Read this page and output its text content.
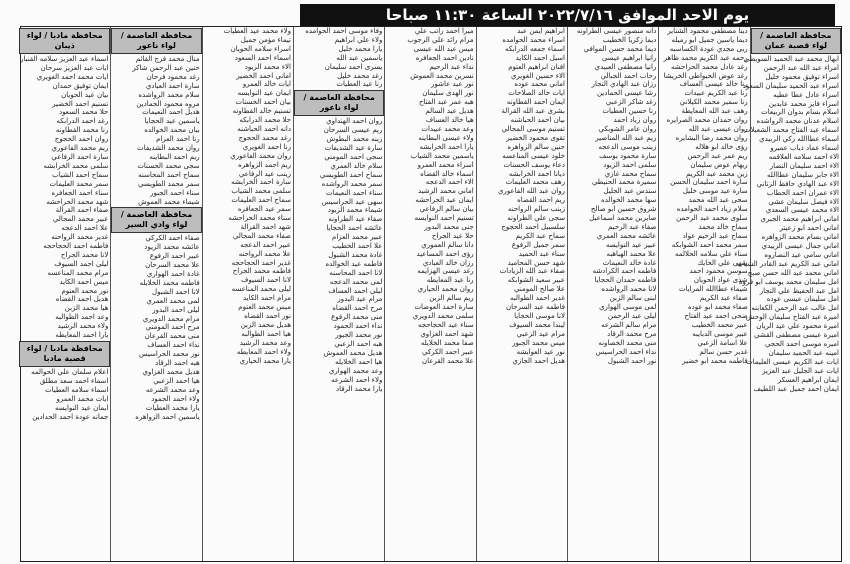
يوم الاحد الموافق ٢٠٢٢/٧/١٦ الساعة ١١:٣٠ صباحا
محافظة العاصمة / لواء قصبة عمان
ابهال محمد عبد الحميد السويطي
امراء عبد الله عبد الرحمن
اسراء توفيق محمود خليل
اسراء عبد الحميد سليمان السعود
اسراء عادل عطا عطيه
اسراء فايز محمد عابدين
اسلام بسام بدوان الربيعات
اسلام عدنان محمد الرواشده
اسماء عبد الفتاح محمد الشعيلات
اسماء عطاالله زكي الزبيدي
اسماء عماد ذياب عميرو
الاء احمد سلامه العلاقمه
الاء احمد سليمان النصار
الاء جابر سليمان عطاالله
الاء عبد الهادي حافظ الزتاني
الاء عمران احمد الحطاب
الاء فيصل سليمان عشي
الاء محمد عيسى السعدي
اماني ابراهيم محمد الجبري
اماني احمد ابو زعيتر
اماني بسام محمد الزواهره
اماني جمال عيسى الزبيدي
اماني سامي عيد النصاروه
اماني عبد الكريم عبد القادر الشياب
اماني محمد عبد الله حسن صبح
امل سليمان محمد يوسف ابو فروه
امل عبد الحفيظ علي النجار
امل سليمان عيسى عوده
امل غالب عبد الرحمن الكعابنه
اميرة عبد الفتاح سليمان الوحش
اميرة محمود علي عيد الريان
اميرة عيسى مصطفى القشي
اميره موسى احمد الحجي
امينه عبد الحميد سليمان
ايات عبد الكريم عيسى العليمات
ايات عبد الجليل عبد العزيز
ايمان ابراهيم العسكر
ايمان احمد جميل عبد اللطيف
دينا مصطفى محمود الشناير
ديما ياسين جميل ابو رميله
ربى مجدي عودة الكساسبه
رحمه عبد الكريم محمد ظاهر
رغد عادل محمد الحراحشه
رغد عوض الحيواطي الخريشا
رنا خالد عيسى العساف
رنا عبد الكريم عبيدات
رنا سمير محمد الكيلاني
رهف عبد الله المعايطة
روان حمدان محمد الصرايره
روان عيسى عبد الله
روان محمد رضا البشايره
رؤى خالد ابو هلاله
ريم عمر عبد الرحمن
ريهام عوض سليمان
زين محمد عبد الكريم
سارة احمد سليمان الحسن
سارة عيد موسى خليل
سجى عبد الله محمد
سلام زياد احمد الحوامده
سلوى محمد عبد الرحمن
سماح خالد محمد
سماح عبد الرحيم عواد
سمر محمد احمد الشوابكه
سناء علي سلامه الحلالمه
سهى علي الحايك
سوسن محمود احمد
شذى عواد الحويان
شيماء عطاالله المرايات
صفاء عبد الكريم
صفاء محمد ابو عوده
ضحى احمد عبد الفتاح
عبير محمد الخطيب
عبير موسى الدبايبه
علا اسامة الزعبي
غدير حسن سالم
فاطمه محمد ابو خضير
دانه منصور عيسى الطراونه
ديما زكريا الخطيب
ديما محمد حسن الموافي
رانيا ابراهيم عيسى
رانيا مصطفى العبيدي
رحاب احمد الجبالي
رزان عبد الهادي النجار
رشا عيسى الحمادين
رغد شاكر الزعبي
رنا حسين العطيات
روان زياد احمد
روان عامر الشوبكي
ريم عبد الله المناصير
زينب موسى الدعجه
سارة محمود يوسف
سلمى احمد الزيود
سماح محمد غازي
سميرة محمد الحنيطي
سندس عبد الجليل
سها محمد الخوالده
شروق حسين ابو صالح
صابرين محمد اسماعيل
صفاء عبد الرحيم
عائشه محمد العمري
عبير عيد النوايسه
علا محمد الهباهبه
غادة خالد النعيمات
فاطمه احمد الكرادشه
فاطمه حمدان الحجايا
لانا محمد الرواشده
لبنى سالم الزبن
لمى موسى الهواري
ليلى عبد الرحمن
مرام سالم الشرعه
مرح محمد الرقاد
منى محمد الخصاونه
نداء احمد الحراسيس
نور احمد الشبول
ابراهيم ايمن عبد
اسراء محمد الحوامده
اسماء جمعه الدرابكه
اسيل احمد الكايد
افنان ابراهيم العتوم
الاء حسين الغويري
اماني محمد عوده
ايات خالد الصلاحات
ايمان احمد القطاونه
بشرى عبد الله القرالة
بيان احمد الحباشنه
تسنيم موسى المجالي
تقوى محمود الخضير
حنين سالم الزواهره
خلود عيسى المناعسه
دعاء يوسف الحسنات
ديانا احمد الخرابشه
رهف محمد العليمات
روان عبد الله الفاعوري
ريم احمد القضاه
زينب سالم الرواحنه
سجى علي الطراونه
سلسبيل احمد الحجوج
سماح عبد الكريم
سمر جميل الرفوع
سناء عبد الحميد
شهد حسن المحاميد
صفاء عبد الله الزيادات
عبير سعيد الشوابكه
علا صالح المومني
غدير احمد الطوالبه
فاطمه عيد السرحان
لانا موسى الحجايا
ليندا محمد السيوف
مرام عيد الزعبي
ميس محمد الجبور
نور عيد العوايشه
هديل احمد الجازي
ميرا احمد راتب علي
مرام رائد علي الرجوب
ميس عبد الله عيسى
نادين احمد الجعافره
نداء عبد الرحيم
نسرين محمد العموش
نور عيد عاشور
نور الهدى سليمان
هبه عمر عبد الفتاح
هديل عيد السالم
هيا خالد العساف
وعد محمد عبيدات
ولاء عيسى البطاينه
يارا احمد الخرابشه
ياسمين محمد الشياب
اسراء محمد العمرو
اسماء خالد القضاه
الاء احمد الدعجه
اماني محمد الرشيد
ايمان عيد الحراحشه
بيان سالم الرفاعي
تسنيم احمد النوايسه
جنى محمد البدور
حلا عيد الجراح
دانا سالم العموري
رؤى احمد المساعيد
رزان خالد العبادي
رغد عيسى الهزايمه
رنا عيد المعايطه
روان محمد الحياري
ريم سالم الزبن
سارة احمد العوضات
سلمى محمد الدويري
سناء عيد الحجاحجه
شهد احمد الغزاوي
صفا محمد الخلايله
عبير احمد الكركي
علا محمد القرعان
وفاء موسى احمد الحوامده
ولاء علي ابراهيم
يارا محمد خليل
ياسمين عبد الله
يسرى احمد سليمان
رغد محمد خليل
رنا عيد العطيات
محافظة العاصمة / لواء ناعور
روان احمد الهنداوي
ريم عيسى السرحان
زينه محمد البطوش
سارة عيد الشديفات
سجى احمد المومني
سلام خالد العمري
سماح احمد الطويسي
سمر محمد الرواشده
سناء احمد النعيمات
سهى عيد الحراسيس
شيماء محمد الزيود
صفاء عيد الطراونه
عائشه احمد الحجايا
عبير محمد العزام
علا احمد الخطيب
غادة محمد الشبول
فاطمه عيد الخوالده
لانا احمد المحاسنه
لمى محمد الدعجه
ليلى احمد العساف
مرام عيد البدور
مرح احمد القضاه
منى محمد الرفوع
نداء احمد الحمود
نور محمد الجبور
هبه احمد الزعبي
هديل محمد العموش
هيا احمد الخلايله
وعد محمد الهواري
ولاء احمد الشرعه
يارا محمد الرقاد
ولاء محمد عيد العطيات
تيماء مؤمن جميل
اسراء سلامه الحويان
اسماء احمد السعود
الاء محمد الزيود
اماني احمد الخضير
ايات خالد العمرو
ايمان عيد النوايسه
بيان احمد الحسنات
تسنيم خالد القطاونه
حلا محمد الدرابكه
دانه احمد الحباشنه
رغد محمد الحجوج
رنا احمد الغويري
روان محمد الفاعوري
ريم احمد الزواهره
زينب عيد الرفاعي
سارة احمد الخرابشه
سلمى محمد الشياب
سماح احمد العليمات
سمر عيد الجعافره
سناء محمد الحراحشه
شهد احمد القرالة
صفاء محمد المجالي
عبير احمد الدعجه
علا محمد الرواحنه
غدير احمد الحجاحجه
فاطمه محمد الجراح
لانا احمد السيوف
ليلى محمد المناعسه
مرام احمد الكايد
ميس محمد العتوم
نور احمد القضاه
هديل محمد الزبن
هيا احمد الطوالبه
وعد محمد الرشيد
ولاء احمد المعايطه
يارا محمد الحياري
محافظة العاصمة / لواء ناعور
منال محمد فرج القائم
حنين عبد الرحمن شاكر
رغد محمود فرحان
سارة احمد العبادي
سلام محمد الرواشده
مروه محمود الحمادين
هديل احمد النعيمات
ياسمين عيد الحجايا
بيان محمد الخوالده
رنا احمد العزام
روان محمد الشديفات
ريم احمد البطاينه
سجى محمد الحسنات
سماح احمد المحاسنه
سمر محمد الطويسي
سناء احمد الجبور
شيماء محمد العموش
محافظة العاصمة / لواء وادي السير
صفاء احمد الكركي
عائشه محمد الزيود
عبير احمد الرفوع
علا محمد السرحان
غادة احمد الهواري
فاطمه محمد الخلايله
لانا احمد الشبول
لمى محمد العمري
ليلى احمد البدور
مرام محمد الدويري
مرح احمد المومني
منى محمد القرعان
نداء احمد العساف
نور محمد الحراسيس
هبه احمد الرقاد
هديل محمد الغزاوي
هيا احمد الزعبي
وعد محمد الشرعه
ولاء احمد الحمود
يارا محمد العطيات
ياسمين احمد الزواهره
محافظة مادبا / لواء ذيبان
اسماء عبد العزيز سلامه القنبار
ايات عبد العزيز سرحان
ايات محمد احمد الغويري
ايمان توفيق حمدان
بيان عيد الحويان
تسنيم احمد الخضير
حلا محمد السعود
رغد احمد الدرابكه
رنا محمد القطاونه
روان احمد الحجوج
ريم محمد الفاعوري
سارة احمد الرفاعي
سلمى محمد الخرابشه
سماح احمد الشياب
سمر محمد العليمات
سناء احمد الجعافره
شهد محمد الحراحشه
صفاء احمد القرالة
عبير محمد المجالي
علا احمد الدعجه
غدير محمد الرواحنه
فاطمه احمد الحجاحجه
لانا محمد الجراح
ليلى احمد السيوف
مرام محمد المناعسه
ميس احمد الكايد
نور محمد العتوم
هديل احمد القضاه
هيا محمد الزبن
وعد احمد الطوالبه
ولاء محمد الرشيد
يارا احمد المعايطه
محافظة مادبا / لواء قصبة مادبا
اعلام سلمان علي الحوالمه
اسماء احمد سعد مطلق
اسماء سلامه العطيات
ايات محمد العمرو
ايمان عيد النوايسه
جمانه عودة احمد الحدادين
